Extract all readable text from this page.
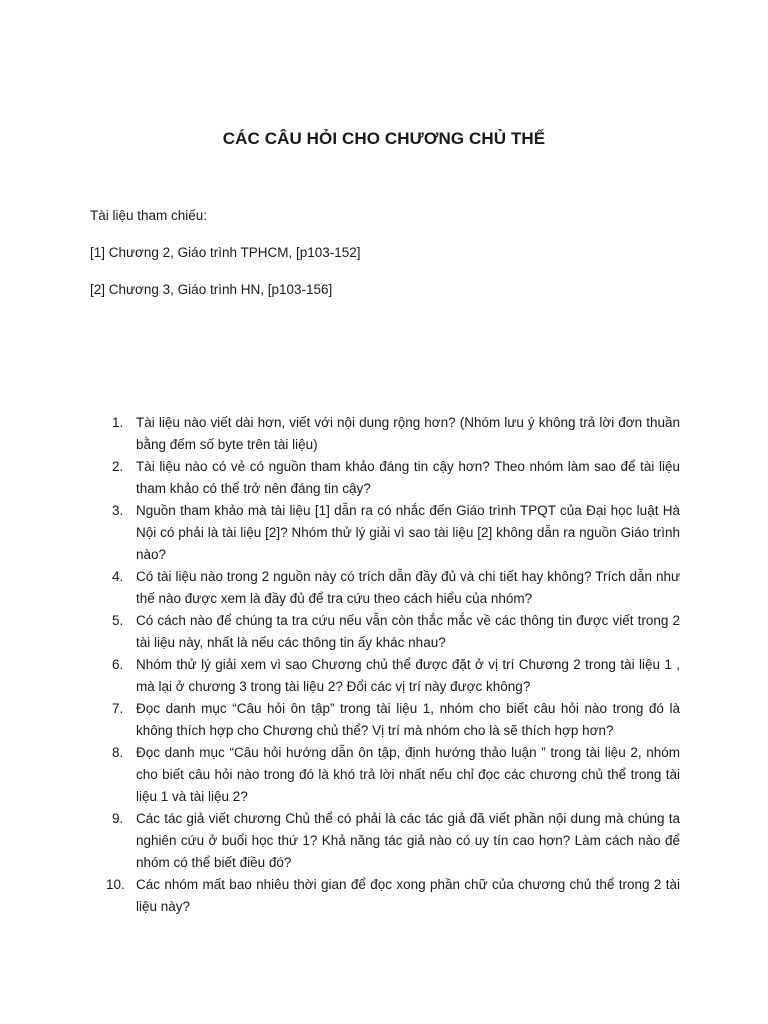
CÁC CÂU HỎI CHO CHƯƠNG CHỦ THỂ

Tài liệu tham chiếu:

[1] Chương 2, Giáo trình TPHCM, [p103-152]

[2] Chương 3, Giáo trình HN, [p103-156]

1. Tài liệu nào viết dài hơn, viết với nội dung rộng hơn? (Nhóm lưu ý không trả lời đơn thuần bằng đếm số byte trên tài liệu)
2. Tài liệu nào có vẻ có nguồn tham khảo đáng tin cậy hơn? Theo nhóm làm sao để tài liệu tham khảo có thể trở nên đáng tin cậy?
3. Nguồn tham khảo mà tài liệu [1] dẫn ra có nhắc đến Giáo trình TPQT của Đại học luật Hà Nội có phải là tài liệu [2]? Nhóm thử lý giải vì sao tài liệu [2] không dẫn ra nguồn Giáo trình nào?
4. Có tài liệu nào trong 2 nguồn này có trích dẫn đầy đủ và chi tiết hay không? Trích dẫn như thế nào được xem là đầy đủ để tra cứu theo cách hiểu của nhóm?
5. Có cách nào để chúng ta tra cứu nếu vẫn còn thắc mắc về các thông tin được viết trong 2 tài liệu này, nhất là nếu các thông tin ấy khác nhau?
6. Nhóm thử lý giải xem vì sao Chương chủ thể được đặt ở vị trí Chương 2 trong tài liệu 1 , mà lại ở chương 3 trong tài liệu 2? Đổi các vị trí này được không?
7. Đọc danh mục “Câu hỏi ôn tập” trong tài liệu 1, nhóm cho biết câu hỏi nào trong đó là không thích hợp cho Chương chủ thể? Vị trí mà nhóm cho là sẽ thích hợp hơn?
8. Đọc danh mục “Câu hỏi hướng dẫn ôn tập, định hướng thảo luận ” trong tài liệu 2, nhóm cho biết câu hỏi nào trong đó là khó trả lời nhất nếu chỉ đọc các chương chủ thể trong tài liệu 1 và tài liệu 2?
9. Các tác giả viết chương Chủ thể có phải là các tác giả đã viết phần nội dung mà chúng ta nghiên cứu ở buổi học thứ 1? Khả năng tác giả nào có uy tín cao hơn? Làm cách nào để nhóm có thể biết điều đó?
10. Các nhóm mất bao nhiêu thời gian để đọc xong phần chữ của chương chủ thể trong 2 tài liệu này?
